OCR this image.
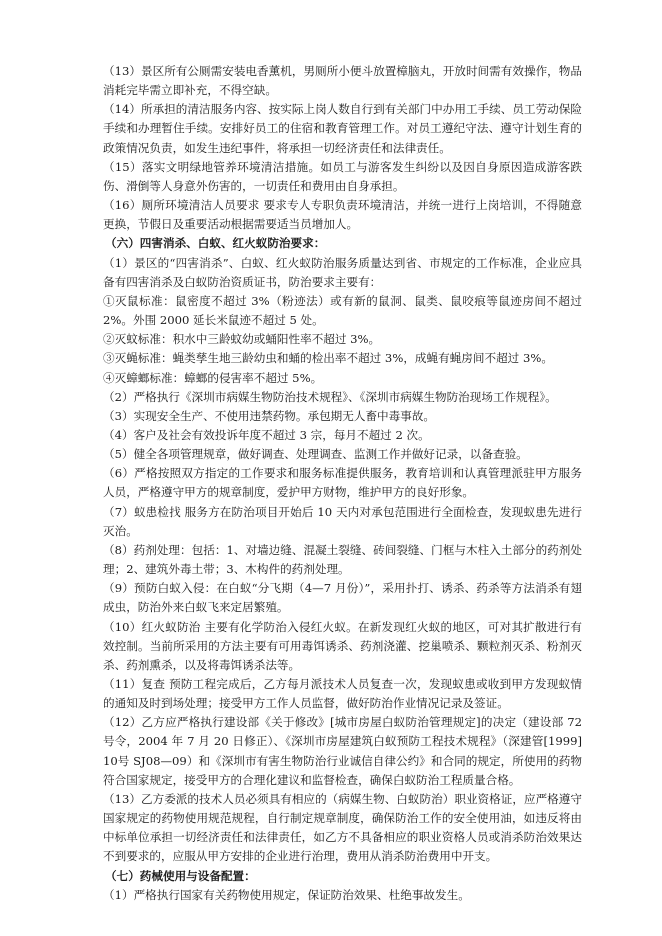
（13）景区所有公厕需安装电香薰机，男厕所小便斗放置樟脑丸，开放时间需有效操作，物品消耗完毕需立即补充，不得空缺。

（14）所承担的清洁服务内容、按实际上岗人数自行到有关部门中办用工手续、员工劳动保险手续和办理暂住手续。安排好员工的住宿和教育管理工作。对员工遵纪守法、遵守计划生育的政策情况负责，如发生违纪事件，将承担一切经济责任和法律责任。

（15）落实文明绿地管养环境清洁措施。如员工与游客发生纠纷以及因自身原因造成游客跌伤、滑倒等人身意外伤害的，一切责任和费用由自身承担。

（16）厕所环境清洁人员要求 要求专人专职负责环境清洁，并统一进行上岗培训，不得随意更换，节假日及重要活动根据需要适当员增加人。

（六）四害消杀、白蚁、红火蚁防治要求：

（1）景区的“四害消杀”、白蚁、红火蚁防治服务质量达到省、市规定的工作标准，企业应具备有四害消杀及白蚁防治资质证书，防治要求主要有：

①灭鼠标准：鼠密度不超过 3%（粉迹法）或有新的鼠洞、鼠类、鼠咬痕等鼠迹房间不超过2%。外围 2000 延长米鼠迹不超过 5 处。

②灭蚊标准：积水中三龄蚊幼或蛹阳性率不超过 3%。

③灭蝇标准：蝇类孳生地三龄幼虫和蛹的检出率不超过 3%，成蝇有蝇房间不超过 3%。

④灭蟑螂标准：蟑螂的侵害率不超过 5%。

（2）严格执行《深圳市病媒生物防治技术规程》、《深圳市病媒生物防治现场工作规程》。

（3）实现安全生产、不使用违禁药物。承包期无人畜中毒事故。

（4）客户及社会有效投诉年度不超过 3 宗，每月不超过 2 次。

（5）健全各项管理规章，做好调查、处理调查、监测工作并做好记录，以备查验。

（6）严格按照双方指定的工作要求和服务标准提供服务，教育培训和认真管理派驻甲方服务人员，严格遵守甲方的规章制度，爱护甲方财物，维护甲方的良好形象。

（7）蚁患检找 服务方在防治项目开始后 10 天内对承包范围进行全面检查，发现蚁患先进行灭治。

（8）药剂处理：包括：1、对墙边缝、混凝土裂缝、砖间裂缝、门框与木柱入土部分的药剂处理；2、建筑外毒土带；3、木构件的药剂处理。

（9）预防白蚁入侵：在白蚁“分飞期（4—7 月份）”，采用扑打、诱杀、药杀等方法消杀有翅成虫，防治外来白蚁飞来定居繁殖。

（10）红火蚁防治 主要有化学防治入侵红火蚁。在新发现红火蚁的地区，可对其扩散进行有效控制。当前所采用的方法主要有可用毒饵诱杀、药剂浇灌、挖巢喷杀、颗粒剂灭杀、粉剂灭杀、药剂熏杀，以及将毒饵诱杀法等。

（11）复查 预防工程完成后，乙方每月派技术人员复查一次，发现蚁患或收到甲方发现蚁情的通知及时到场处理；接受甲方工作人员监督，做好防治作业情况记录及签证。

（12）乙方应严格执行建设部《关于修改》[城市房屋白蚁防治管理规定]的决定（建设部 72号令，2004 年 7 月 20 日修正）、《深圳市房屋建筑白蚁预防工程技术规程》（深建管[1999]10号 SJ08—09）和《深圳市有害生物防治行业诚信自律公约》和合同的规定，所使用的药物符合国家规定，接受甲方的合理化建议和监督检查，确保白蚁防治工程质量合格。

（13）乙方委派的技术人员必须具有相应的（病媒生物、白蚁防治）职业资格证，应严格遵守国家规定的药物使用规范规程，自行制定规章制度，确保防治工作的安全使用油，如违反将由中标单位承担一切经济责任和法律责任，如乙方不具备相应的职业资格人员或消杀防治效果达不到要求的，应服从甲方安排的企业进行治理，费用从消杀防治费用中开支。

（七）药械使用与设备配置：

（1）严格执行国家有关药物使用规定，保证防治效果、杜绝事故发生。
